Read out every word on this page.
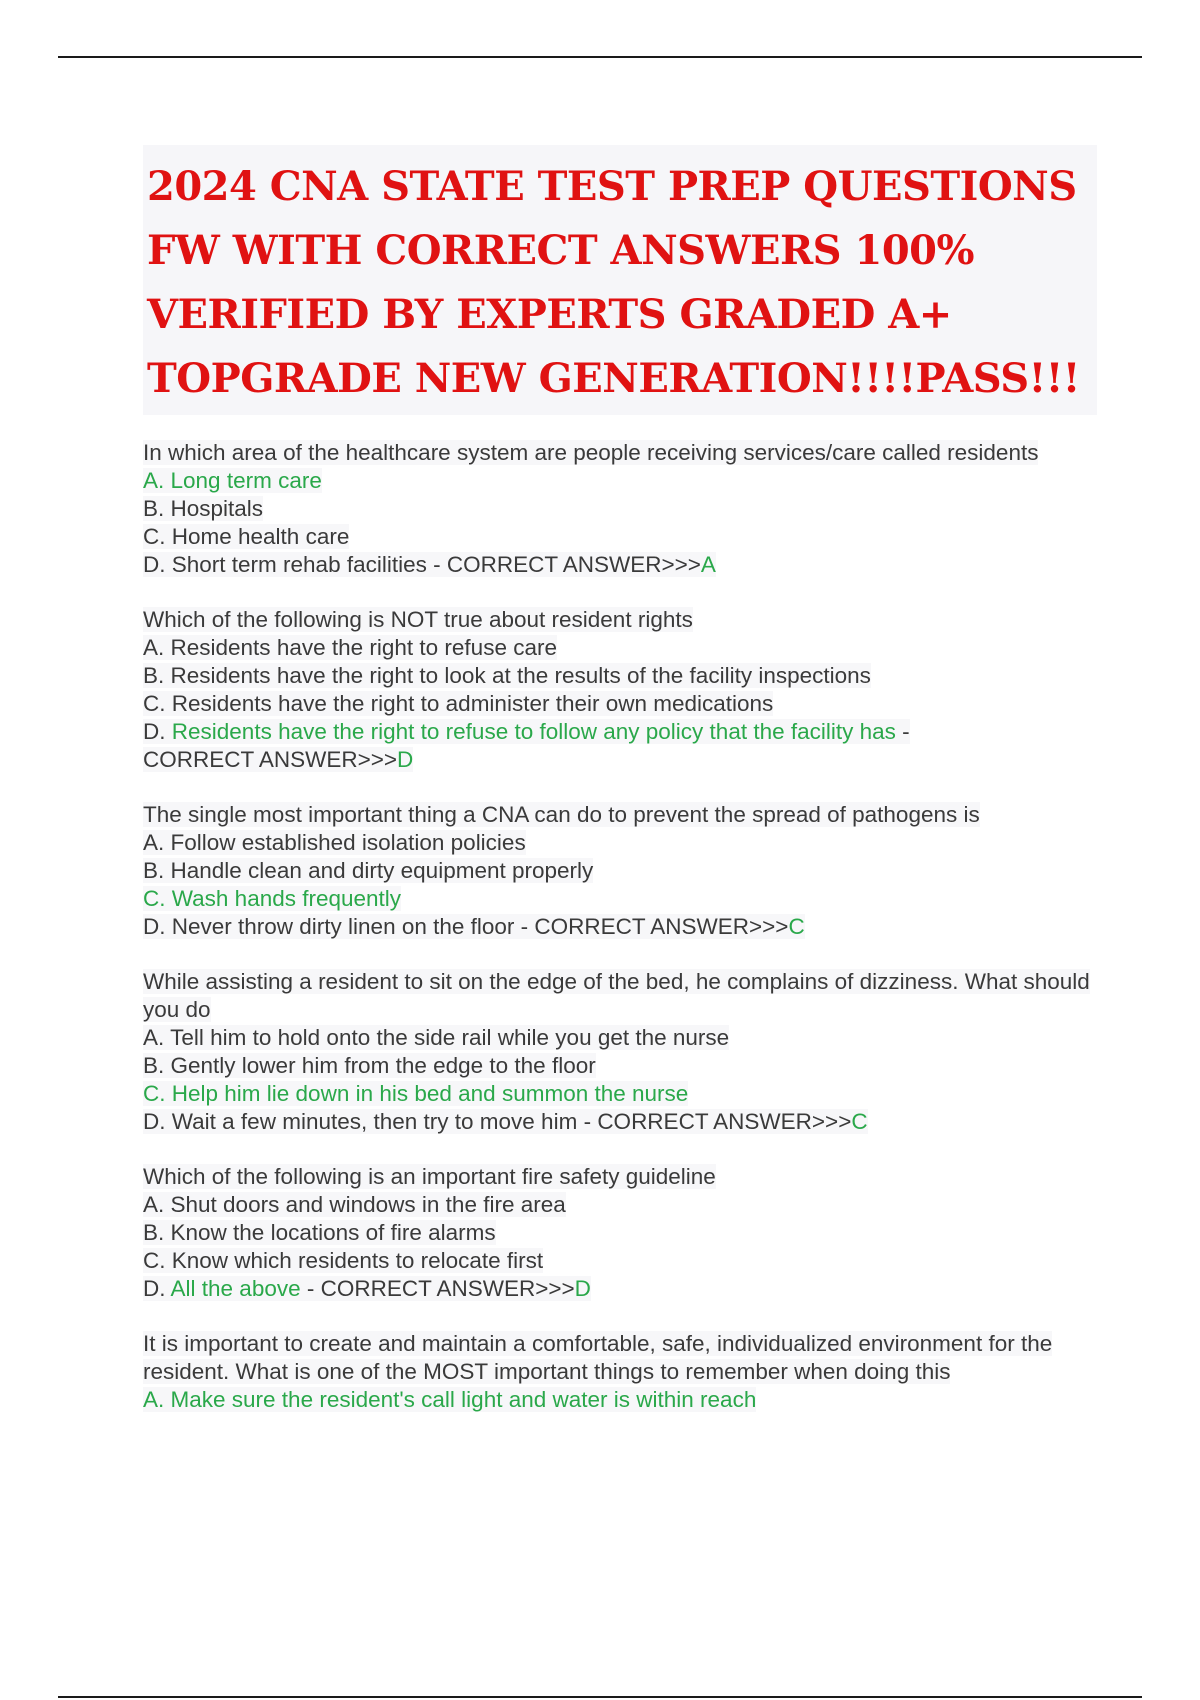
2024 CNA STATE TEST PREP QUESTIONS FW WITH CORRECT ANSWERS 100% VERIFIED BY EXPERTS GRADED A+ TOPGRADE NEW GENERATION!!!!PASS!!!
In which area of the healthcare system are people receiving services/care called residents
A. Long term care
B. Hospitals
C. Home health care
D. Short term rehab facilities - CORRECT ANSWER>>>A
Which of the following is NOT true about resident rights
A. Residents have the right to refuse care
B. Residents have the right to look at the results of the facility inspections
C. Residents have the right to administer their own medications
D. Residents have the right to refuse to follow any policy that the facility has -
CORRECT ANSWER>>>D
The single most important thing a CNA can do to prevent the spread of pathogens is
A. Follow established isolation policies
B. Handle clean and dirty equipment properly
C. Wash hands frequently
D. Never throw dirty linen on the floor - CORRECT ANSWER>>>C
While assisting a resident to sit on the edge of the bed, he complains of dizziness. What should you do
A. Tell him to hold onto the side rail while you get the nurse
B. Gently lower him from the edge to the floor
C. Help him lie down in his bed and summon the nurse
D. Wait a few minutes, then try to move him - CORRECT ANSWER>>>C
Which of the following is an important fire safety guideline
A. Shut doors and windows in the fire area
B. Know the locations of fire alarms
C. Know which residents to relocate first
D. All the above - CORRECT ANSWER>>>D
It is important to create and maintain a comfortable, safe, individualized environment for the resident. What is one of the MOST important things to remember when doing this
A. Make sure the resident's call light and water is within reach
